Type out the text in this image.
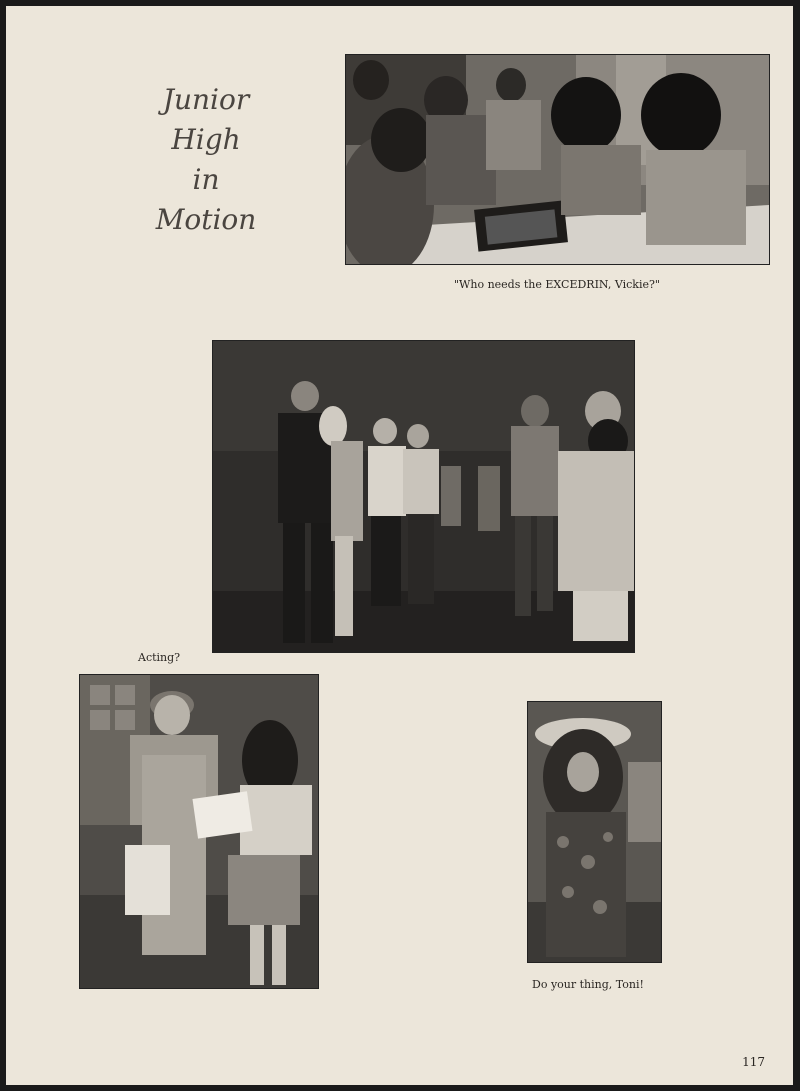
Junior
High
in
Motion
"Who needs the EXCEDRIN, Vickie?"
Acting?
Do your thing, Toni!
117
